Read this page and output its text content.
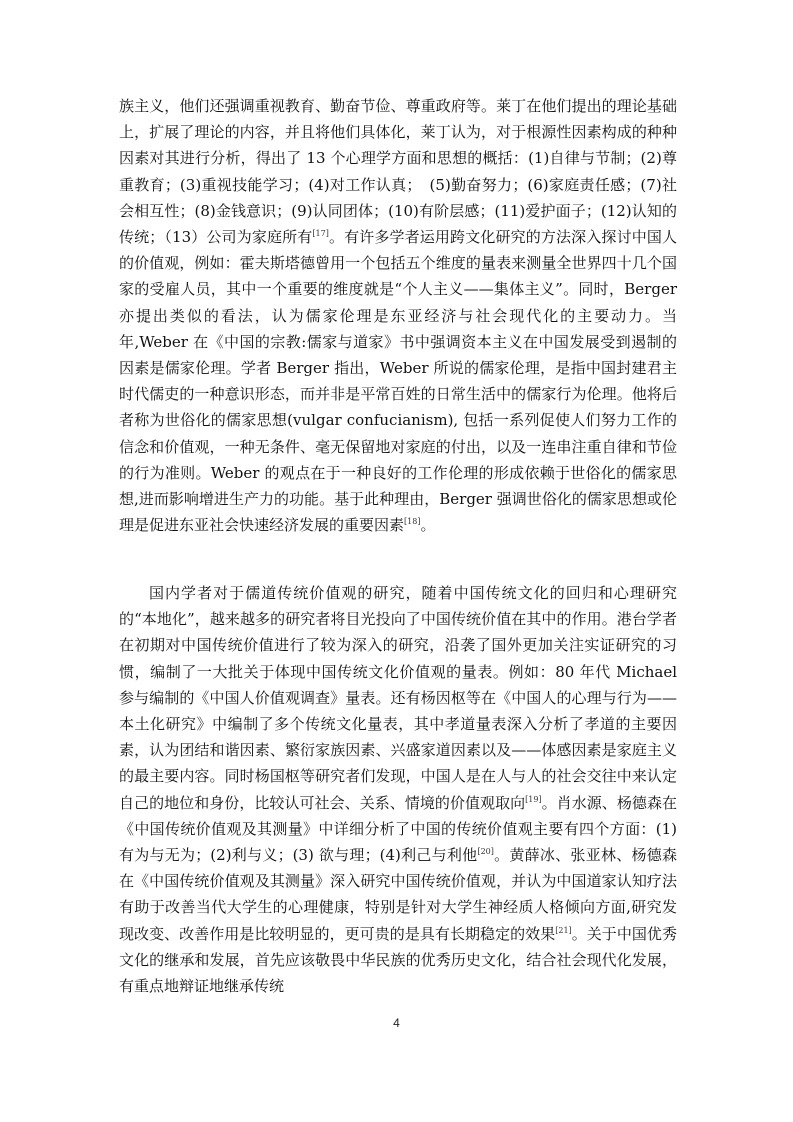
族主义，他们还强调重视教育、勤奋节俭、尊重政府等。莱丁在他们提出的理论基础上，扩展了理论的内容，并且将他们具体化，莱丁认为，对于根源性因素构成的种种因素对其进行分析，得出了 13 个心理学方面和思想的概括：(1)自律与节制；(2)尊重教育；(3)重视技能学习；(4)对工作认真；　(5)勤奋努力；(6)家庭责任感；(7)社会相互性；(8)金钱意识；(9)认同团体；(10)有阶层感；(11)爱护面子；(12)认知的传统；（13）公司为家庭所有[17]。有许多学者运用跨文化研究的方法深入探讨中国人的价值观，例如：霍夫斯塔德曾用一个包括五个维度的量表来测量全世界四十几个国家的受雇人员，其中一个重要的维度就是“个人主义——集体主义”。同时，Berger 亦提出类似的看法，认为儒家伦理是东亚经济与社会现代化的主要动力。当年,Weber 在《中国的宗教:儒家与道家》书中强调资本主义在中国发展受到遏制的因素是儒家伦理。学者 Berger 指出，Weber 所说的儒家伦理，是指中国封建君主时代儒吏的一种意识形态，而并非是平常百姓的日常生活中的儒家行为伦理。他将后者称为世俗化的儒家思想(vulgar confucianism), 包括一系列促使人们努力工作的信念和价值观，一种无条件、毫无保留地对家庭的付出，以及一连串注重自律和节俭的行为准则。Weber 的观点在于一种良好的工作伦理的形成依赖于世俗化的儒家思想,进而影响增进生产力的功能。基于此种理由，Berger 强调世俗化的儒家思想或伦理是促进东亚社会快速经济发展的重要因素[18]。

国内学者对于儒道传统价值观的研究，随着中国传统文化的回归和心理研究的“本地化”，越来越多的研究者将目光投向了中国传统价值在其中的作用。港台学者在初期对中国传统价值进行了较为深入的研究，沿袭了国外更加关注实证研究的习惯，编制了一大批关于体现中国传统文化价值观的量表。例如：80 年代 Michael 参与编制的《中国人价值观调查》量表。还有杨因枢等在《中国人的心理与行为——本土化研究》中编制了多个传统文化量表，其中孝道量表深入分析了孝道的主要因素，认为团结和谐因素、繁衍家族因素、兴盛家道因素以及——体感因素是家庭主义的最主要内容。同时杨国枢等研究者们发现，中国人是在人与人的社会交往中来认定自己的地位和身份，比较认可社会、关系、情境的价值观取向[19]。肖水源、杨德森在《中国传统价值观及其测量》中详细分析了中国的传统价值观主要有四个方面：(1)有为与无为；(2)利与义；(3) 欲与理；(4)利己与利他[20]。黄薛冰、张亚林、杨德森在《中国传统价值观及其测量》深入研究中国传统价值观，并认为中国道家认知疗法有助于改善当代大学生的心理健康，特别是针对大学生神经质人格倾向方面,研究发现改变、改善作用是比较明显的，更可贵的是具有长期稳定的效果[21]。关于中国优秀文化的继承和发展，首先应该敬畏中华民族的优秀历史文化，结合社会现代化发展，有重点地辩证地继承传统

4
